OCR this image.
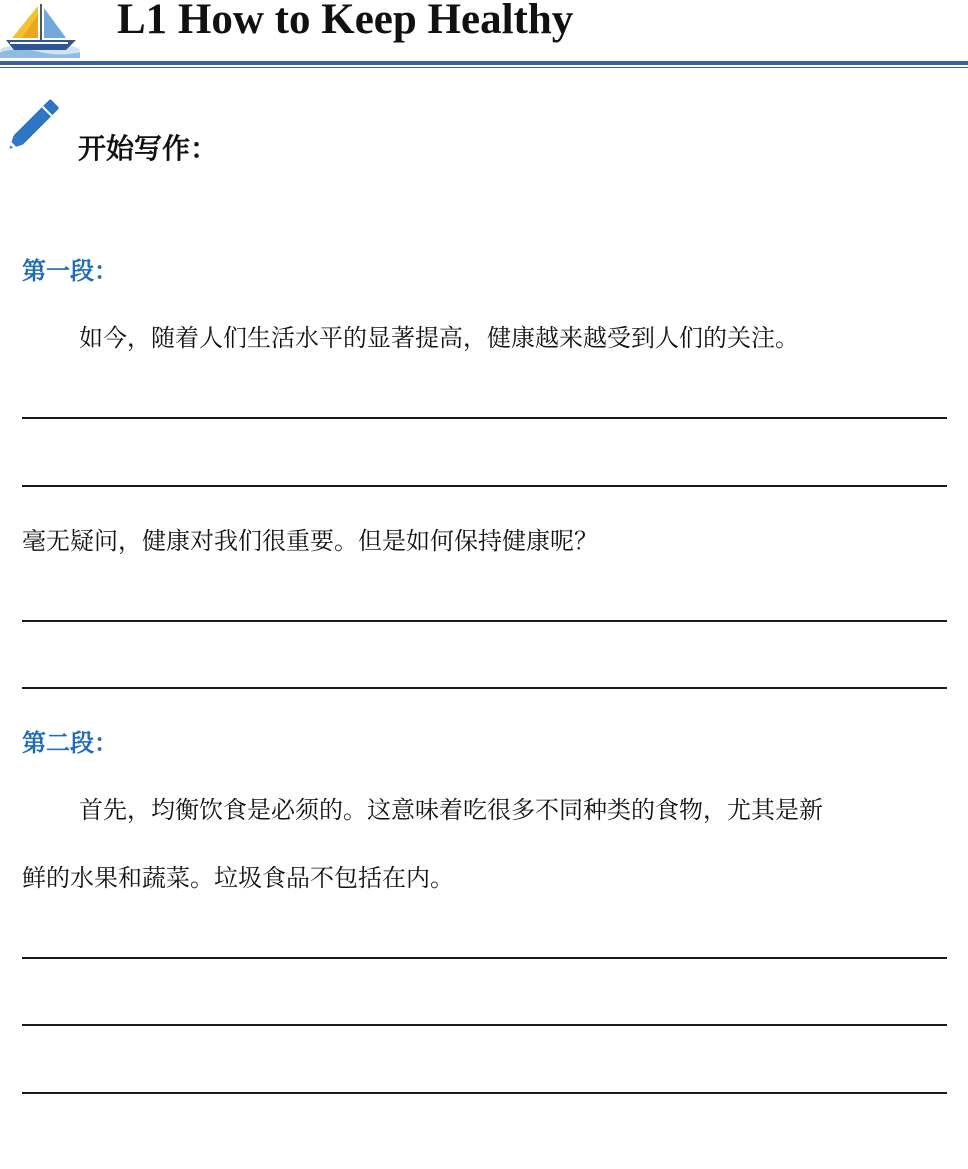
L1 How to Keep Healthy
开始写作：
第一段：
如今，随着人们生活水平的显著提高，健康越来越受到人们的关注。
毫无疑问，健康对我们很重要。但是如何保持健康呢？
第二段：
首先，均衡饮食是必须的。这意味着吃很多不同种类的食物，尤其是新
鲜的水果和蔬菜。垃圾食品不包括在内。
